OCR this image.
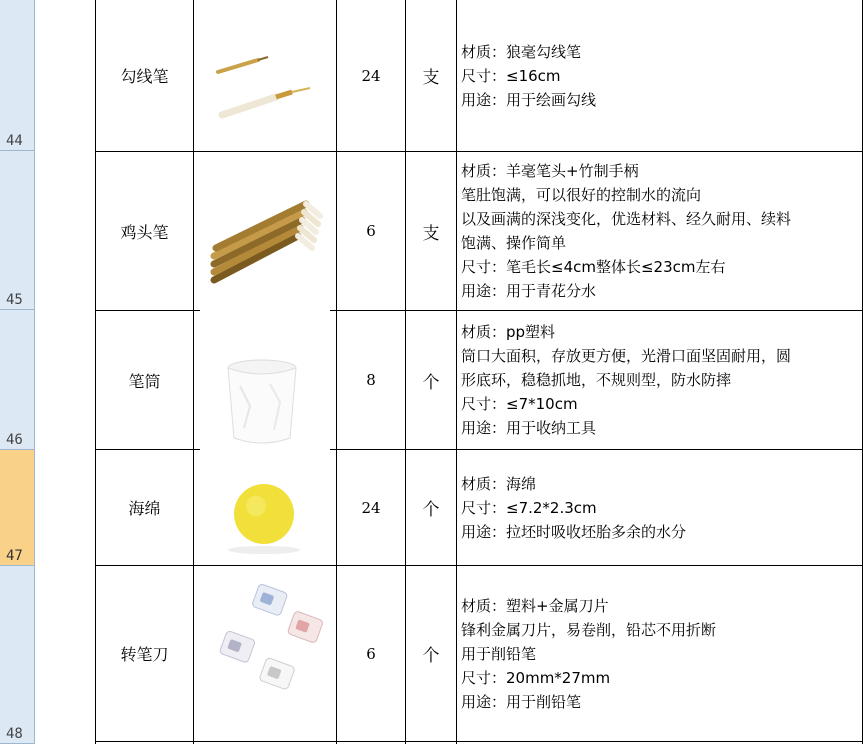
44
45
46
47
48
勾线笔	24 支
材质：狼毫勾线笔
尺寸：≤16cm
用途：用于绘画勾线
鸡头笔	6	支
材质：羊毫笔头+竹制手柄
笔肚饱满，可以很好的控制水的流向
以及画满的深浅变化，优选材料、经久耐用、续料
饱满、操作简单
尺寸：笔毛长≤4cm整体长≤23cm左右
用途：用于青花分水
笔筒	8	个
材质：pp塑料
筒口大面积，存放更方便，光滑口面坚固耐用，圆
形底环，稳稳抓地，不规则型，防水防摔
尺寸：≤7*10cm
用途：用于收纳工具
海绵	24 个
材质：海绵
尺寸：≤7.2*2.3cm
用途：拉坯时吸收坯胎多余的水分
转笔刀	6	个
材质：塑料+金属刀片
锋利金属刀片，易卷削，铅芯不用折断
用于削铅笔
尺寸：20mm*27mm
用途：用于削铅笔
